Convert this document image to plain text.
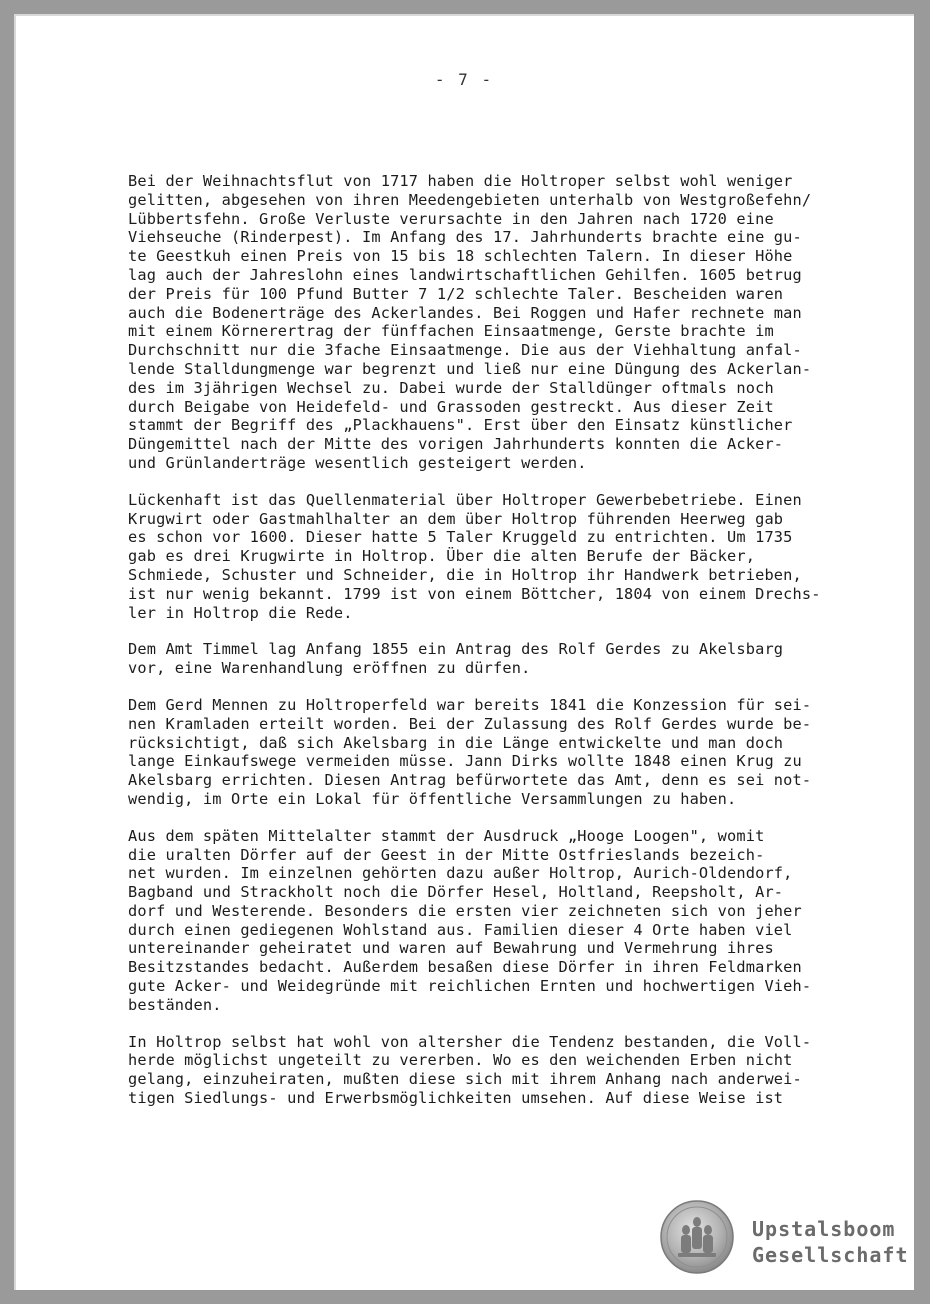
- 7 -
Bei der Weihnachtsflut von 1717 haben die Holtroper selbst wohl weniger
gelitten, abgesehen von ihren Meedengebieten unterhalb von Westgroßefehn/
Lübbertsfehn. Große Verluste verursachte in den Jahren nach 1720 eine
Viehseuche (Rinderpest). Im Anfang des 17. Jahrhunderts brachte eine gu-
te Geestkuh einen Preis von 15 bis 18 schlechten Talern. In dieser Höhe
lag auch der Jahreslohn eines landwirtschaftlichen Gehilfen. 1605 betrug
der Preis für 100 Pfund Butter 7 1/2 schlechte Taler. Bescheiden waren
auch die Bodenerträge des Ackerlandes. Bei Roggen und Hafer rechnete man
mit einem Körnerertrag der fünffachen Einsaatmenge, Gerste brachte im
Durchschnitt nur die 3fache Einsaatmenge. Die aus der Viehhaltung anfal-
lende Stalldungmenge war begrenzt und ließ nur eine Düngung des Ackerlan-
des im 3jährigen Wechsel zu. Dabei wurde der Stalldünger oftmals noch
durch Beigabe von Heidefeld- und Grassoden gestreckt. Aus dieser Zeit
stammt der Begriff des „Plackhauens". Erst über den Einsatz künstlicher
Düngemittel nach der Mitte des vorigen Jahrhunderts konnten die Acker-
und Grünlanderträge wesentlich gesteigert werden.
Lückenhaft ist das Quellenmaterial über Holtroper Gewerbebetriebe. Einen
Krugwirt oder Gastmahlhalter an dem über Holtrop führenden Heerweg gab
es schon vor 1600. Dieser hatte 5 Taler Kruggeld zu entrichten. Um 1735
gab es drei Krugwirte in Holtrop. Über die alten Berufe der Bäcker,
Schmiede, Schuster und Schneider, die in Holtrop ihr Handwerk betrieben,
ist nur wenig bekannt. 1799 ist von einem Böttcher, 1804 von einem Drechs-
ler in Holtrop die Rede.
Dem Amt Timmel lag Anfang 1855 ein Antrag des Rolf Gerdes zu Akelsbarg
vor, eine Warenhandlung eröffnen zu dürfen.
Dem Gerd Mennen zu Holtroperfeld war bereits 1841 die Konzession für sei-
nen Kramladen erteilt worden. Bei der Zulassung des Rolf Gerdes wurde be-
rücksichtigt, daß sich Akelsbarg in die Länge entwickelte und man doch
lange Einkaufswege vermeiden müsse. Jann Dirks wollte 1848 einen Krug zu
Akelsbarg errichten. Diesen Antrag befürwortete das Amt, denn es sei not-
wendig, im Orte ein Lokal für öffentliche Versammlungen zu haben.
Aus dem späten Mittelalter stammt der Ausdruck „Hooge Loogen", womit
die uralten Dörfer auf der Geest in der Mitte Ostfrieslands bezeich-
net wurden. Im einzelnen gehörten dazu außer Holtrop, Aurich-Oldendorf,
Bagband und Strackholt noch die Dörfer Hesel, Holtland, Reepsholt, Ar-
dorf und Westerende. Besonders die ersten vier zeichneten sich von jeher
durch einen gediegenen Wohlstand aus. Familien dieser 4 Orte haben viel
untereinander geheiratet und waren auf Bewahrung und Vermehrung ihres
Besitzstandes bedacht. Außerdem besaßen diese Dörfer in ihren Feldmarken
gute Acker- und Weidegründe mit reichlichen Ernten und hochwertigen Vieh-
beständen.
In Holtrop selbst hat wohl von altersher die Tendenz bestanden, die Voll-
herde möglichst ungeteilt zu vererben. Wo es den weichenden Erben nicht
gelang, einzuheiraten, mußten diese sich mit ihrem Anhang nach anderwei-
tigen Siedlungs- und Erwerbsmöglichkeiten umsehen. Auf diese Weise ist
Upstalsboom
Gesellschaft
